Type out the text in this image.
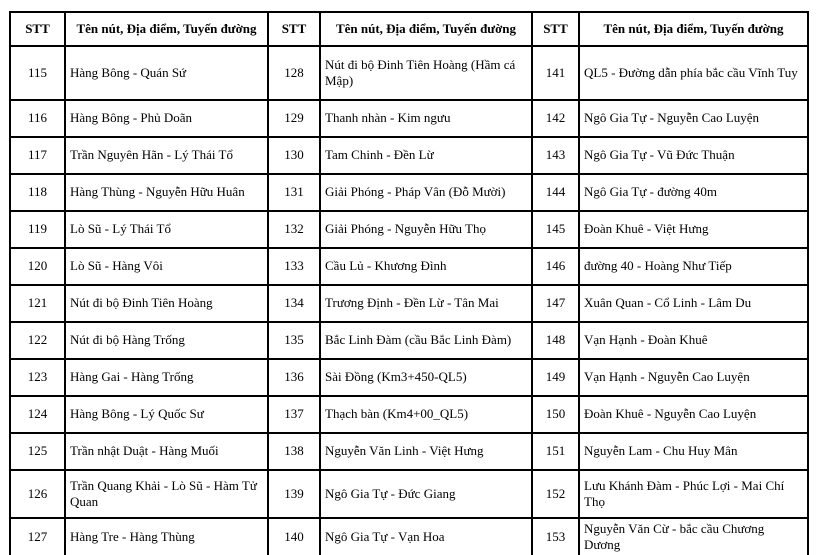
STT	Tên nút, Địa điểm, Tuyến đường	STT	Tên nút, Địa điểm, Tuyến đường	STT	Tên nút, Địa điểm, Tuyến đường
115	Hàng Bông - Quán Sứ	128	Nút đi bộ Đinh Tiên Hoàng (Hầm cá Mập)	141	QL5 - Đường dẫn phía bắc cầu Vĩnh Tuy
116	Hàng Bông - Phủ Doãn	129	Thanh nhàn - Kim ngưu	142	Ngô Gia Tự - Nguyễn Cao Luyện
117	Trần Nguyên Hãn - Lý Thái Tổ	130	Tam Chinh - Đền Lừ	143	Ngô Gia Tự - Vũ Đức Thuận
118	Hàng Thùng - Nguyễn Hữu Huân	131	Giải Phóng - Pháp Vân (Đỗ Mười)	144	Ngô Gia Tự - đường 40m
119	Lò Sũ - Lý Thái Tổ	132	Giải Phóng - Nguyễn Hữu Thọ	145	Đoàn Khuê - Việt Hưng
120	Lò Sũ - Hàng Vôi	133	Cầu Lủ - Khương Đình	146	đường 40 - Hoàng Như Tiếp
121	Nút đi bộ Đinh Tiên Hoàng	134	Trương Định - Đền Lừ - Tân Mai	147	Xuân Quan - Cổ Linh - Lâm Du
122	Nút đi bộ Hàng Trống	135	Bắc Linh Đàm (cầu Bắc Linh Đàm)	148	Vạn Hạnh - Đoàn Khuê
123	Hàng Gai - Hàng Trống	136	Sài Đồng (Km3+450-QL5)	149	Vạn Hạnh - Nguyễn Cao Luyện
124	Hàng Bông - Lý Quốc Sư	137	Thạch bàn (Km4+00_QL5)	150	Đoàn Khuê - Nguyễn Cao Luyện
125	Trần nhật Duật - Hàng Muối	138	Nguyễn Văn Linh - Việt Hưng	151	Nguyễn Lam - Chu Huy Mân
126	Trần Quang Khải - Lò Sũ - Hàm Tử Quan	139	Ngô Gia Tự - Đức Giang	152	Lưu Khánh Đàm - Phúc Lợi - Mai Chí Thọ
127	Hàng Tre - Hàng Thùng	140	Ngô Gia Tự - Vạn Hoa	153	Nguyễn Văn Cừ - bắc cầu Chương Dương
